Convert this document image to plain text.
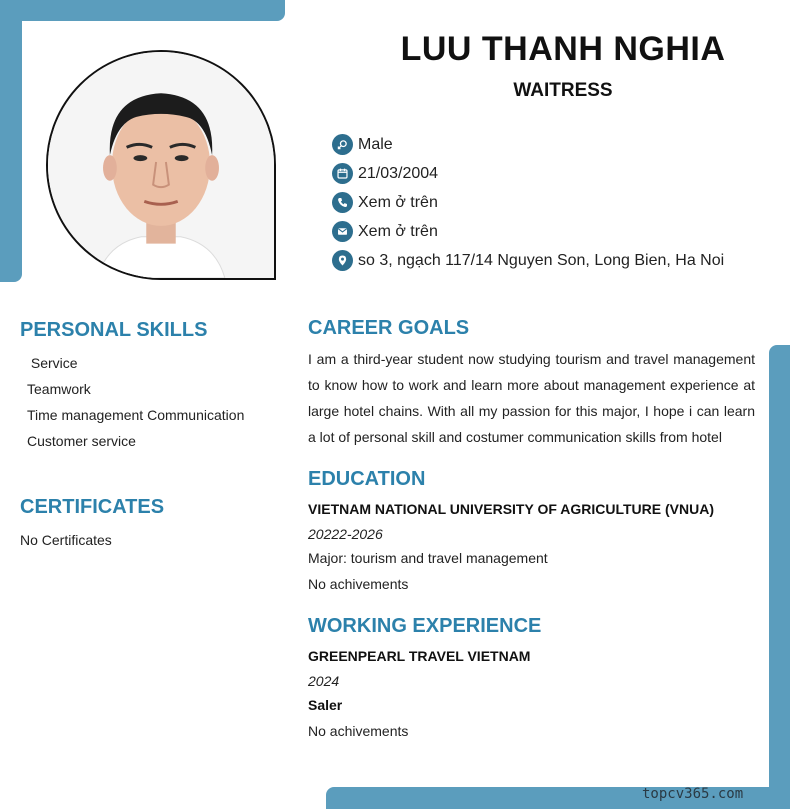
LUU THANH NGHIA
WAITRESS
Male
21/03/2004
Xem ở trên
Xem ở trên
so 3, ngạch 117/14 Nguyen Son, Long Bien, Ha Noi
PERSONAL SKILLS
Service
Teamwork
Time management Communication
Customer service
CERTIFICATES
No Certificates
CAREER GOALS
I am a third-year student now studying tourism and travel management to know how to work and learn more about management experience at large hotel chains. With all my passion for this major, I hope i can learn a lot of personal skill and costumer communication skills from hotel
EDUCATION
VIETNAM NATIONAL UNIVERSITY OF AGRICULTURE (VNUA)
20222-2026
Major: tourism and travel management
No achivements
WORKING EXPERIENCE
GREENPEARL TRAVEL VIETNAM
2024
Saler
No achivements
topcv365.com
